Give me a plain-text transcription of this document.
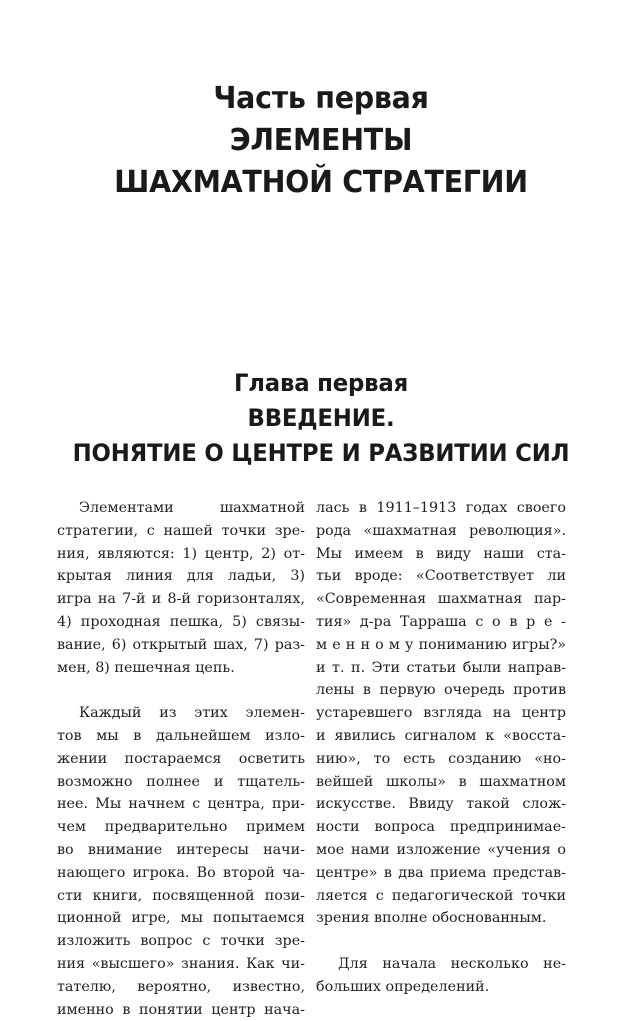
Часть первая
ЭЛЕМЕНТЫ
ШАХМАТНОЙ СТРАТЕГИИ
Глава первая
ВВЕДЕНИЕ.
ПОНЯТИЕ О ЦЕНТРЕ И РАЗВИТИИ СИЛ
Элементами шахматной
стратегии, с нашей точки зре-
ния, являются: 1) центр, 2) от-
крытая линия для ладьи, 3)
игра на 7-й и 8-й горизонталях,
4) проходная пешка, 5) связы-
вание, 6) открытый шах, 7) раз-
мен, 8) пешечная цепь.
Каждый из этих элемен-
тов мы в дальнейшем изло-
жении постараемся осветить
возможно полнее и тщатель-
нее. Мы начнем с центра, при-
чем предварительно примем
во внимание интересы начи-
нающего игрока. Во второй ча-
сти книги, посвященной пози-
ционной игре, мы попытаемся
изложить вопрос с точки зре-
ния «высшего» знания. Как чи-
тателю, вероятно, известно,
именно в понятии центр нача-
лась в 1911–1913 годах своего
рода «шахматная революция».
Мы имеем в виду наши ста-
тьи вроде: «Соответствует ли
«Современная шахматная пар-
тия» д-ра Тарраша с о в р е -
м е н н о м у пониманию игры?»
и т. п. Эти статьи были направ-
лены в первую очередь против
устаревшего взгляда на центр
и явились сигналом к «восста-
нию», то есть созданию «но-
вейшей школы» в шахматном
искусстве. Ввиду такой слож-
ности вопроса предпринимае-
мое нами изложение «учения о
центре» в два приема представ-
ляется с педагогической точки
зрения вполне обоснованным.
Для начала несколько не-
больших определений.
